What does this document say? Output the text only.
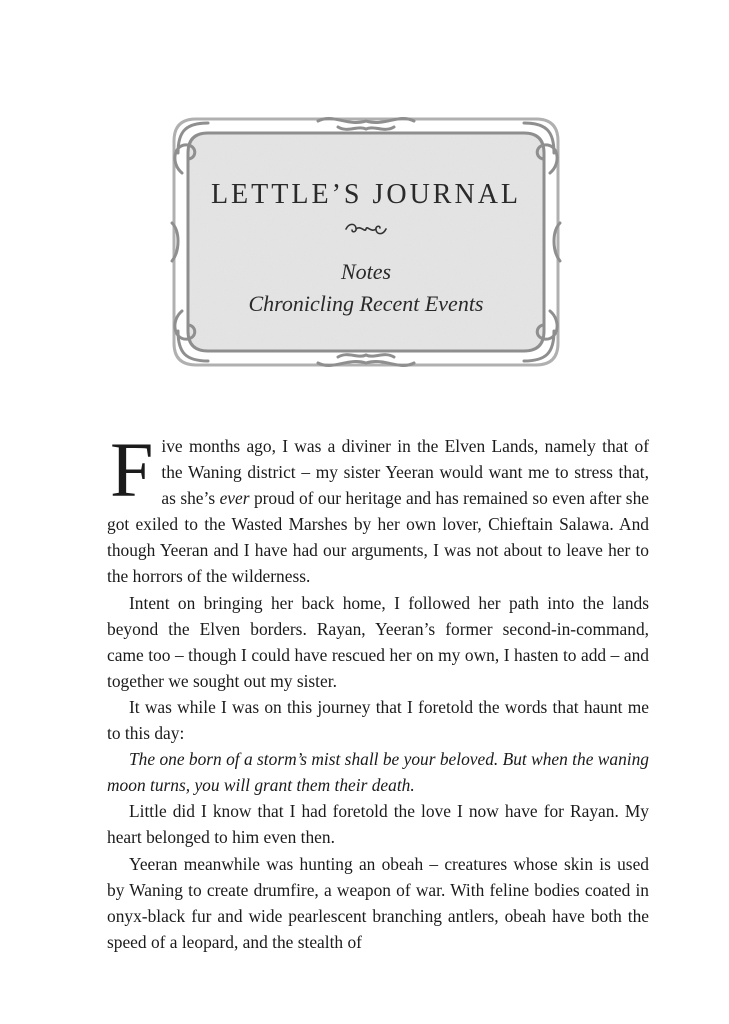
LETTLE’S JOURNAL
Notes
Chronicling Recent Events

Five months ago, I was a diviner in the Elven Lands, namely that of the Waning district – my sister Yeeran would want me to stress that, as she’s ever proud of our heritage and has remained so even after she got exiled to the Wasted Marshes by her own lover, Chieftain Salawa. And though Yeeran and I have had our arguments, I was not about to leave her to the horrors of the wilderness.

Intent on bringing her back home, I followed her path into the lands beyond the Elven borders. Rayan, Yeeran’s former second-in-command, came too – though I could have rescued her on my own, I hasten to add – and together we sought out my sister.

It was while I was on this journey that I foretold the words that haunt me to this day:

The one born of a storm’s mist shall be your beloved. But when the waning moon turns, you will grant them their death.

Little did I know that I had foretold the love I now have for Rayan. My heart belonged to him even then.

Yeeran meanwhile was hunting an obeah – creatures whose skin is used by Waning to create drumfire, a weapon of war. With feline bodies coated in onyx-black fur and wide pearlescent branching antlers, obeah have both the speed of a leopard, and the stealth of
